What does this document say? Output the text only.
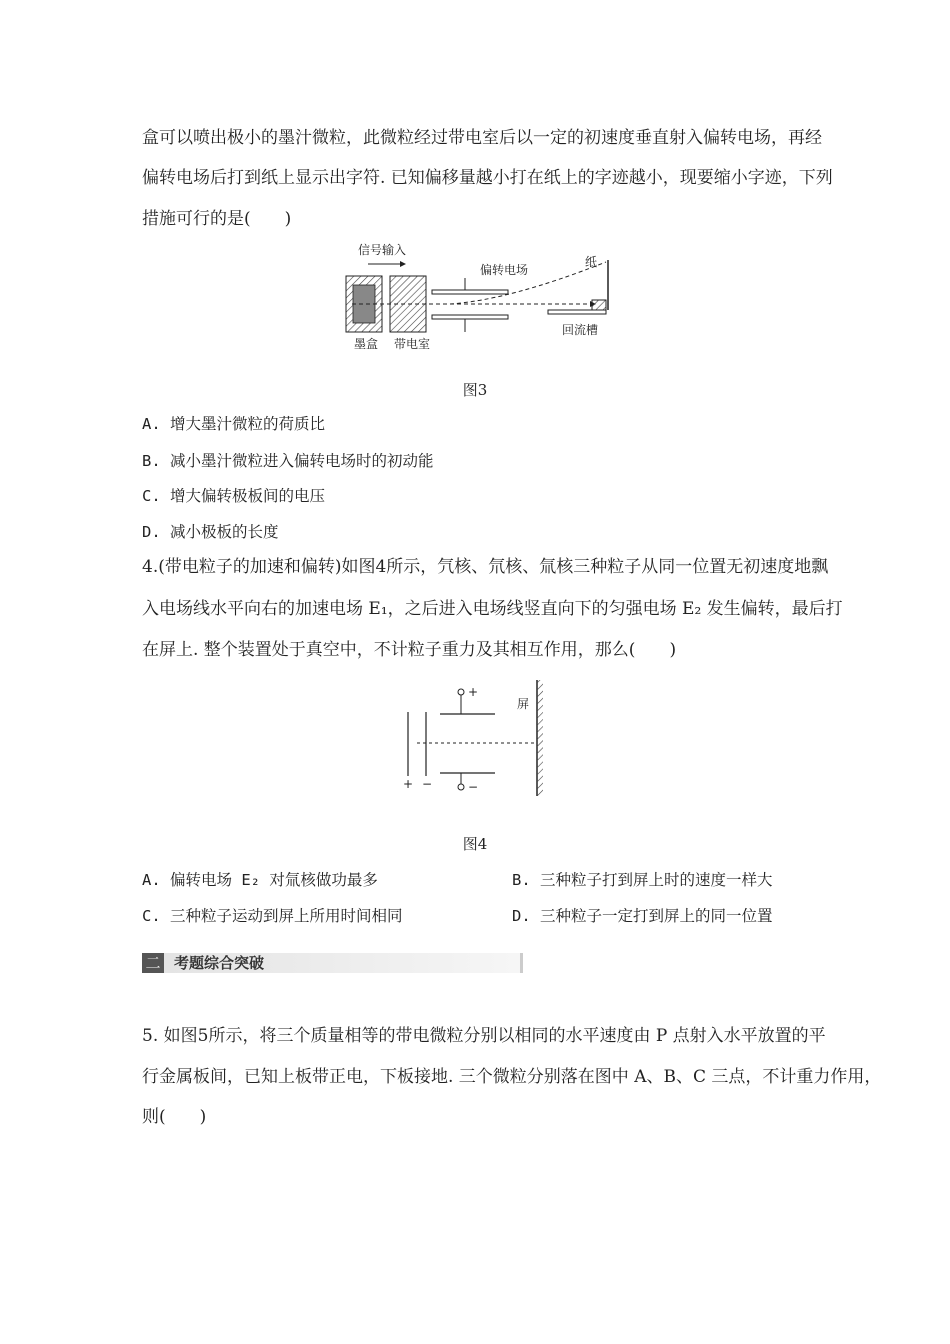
盒可以喷出极小的墨汁微粒，此微粒经过带电室后以一定的初速度垂直射入偏转电场，再经
偏转电场后打到纸上显示出字符. 已知偏移量越小打在纸上的字迹越小，现要缩小字迹，下列
措施可行的是(　　)
信号输入
偏转电场
纸
墨盒 带电室
回流槽
图3
A. 增大墨汁微粒的荷质比
B. 减小墨汁微粒进入偏转电场时的初动能
C. 增大偏转极板间的电压
D. 减小极板的长度
4.(带电粒子的加速和偏转)如图4所示，氕核、氘核、氚核三种粒子从同一位置无初速度地飘
入电场线水平向右的加速电场 E₁，之后进入电场线竖直向下的匀强电场 E₂ 发生偏转，最后打
在屏上. 整个装置处于真空中，不计粒子重力及其相互作用，那么(　　)
+ −
+
−
屏
图4
A. 偏转电场 E₂ 对氚核做功最多	B. 三种粒子打到屏上时的速度一样大
C. 三种粒子运动到屏上所用时间相同	D. 三种粒子一定打到屏上的同一位置
二 考题综合突破
5. 如图5所示，将三个质量相等的带电微粒分别以相同的水平速度由 P 点射入水平放置的平
行金属板间，已知上板带正电，下板接地. 三个微粒分别落在图中 A、B、C 三点，不计重力作用，
则(　　)
